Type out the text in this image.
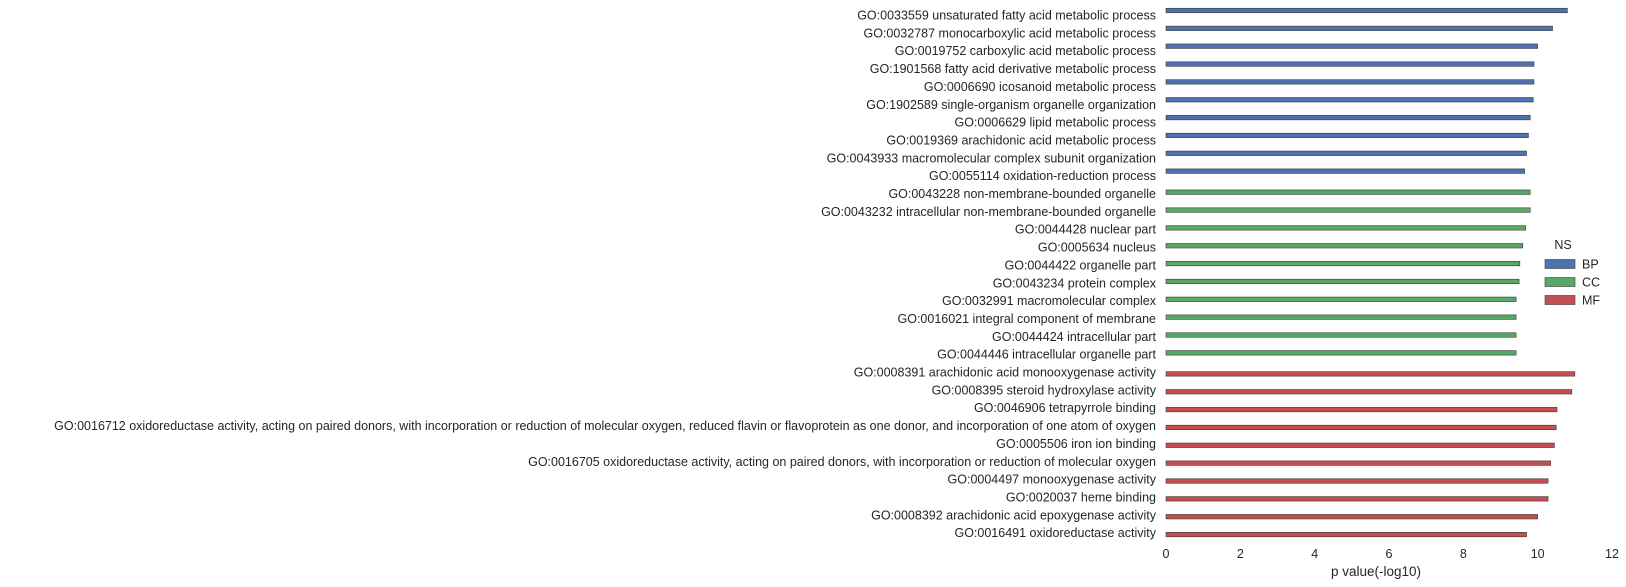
GO:0033559 unsaturated fatty acid metabolic process
GO:0032787 monocarboxylic acid metabolic process
GO:0019752 carboxylic acid metabolic process
GO:1901568 fatty acid derivative metabolic process
GO:0006690 icosanoid metabolic process
GO:1902589 single-organism organelle organization
GO:0006629 lipid metabolic process
GO:0019369 arachidonic acid metabolic process
GO:0043933 macromolecular complex subunit organization
GO:0055114 oxidation-reduction process
GO:0043228 non-membrane-bounded organelle
GO:0043232 intracellular non-membrane-bounded organelle
GO:0044428 nuclear part
GO:0005634 nucleus
GO:0044422 organelle part
GO:0043234 protein complex
GO:0032991 macromolecular complex
GO:0016021 integral component of membrane
GO:0044424 intracellular part
GO:0044446 intracellular organelle part
GO:0008391 arachidonic acid monooxygenase activity
GO:0008395 steroid hydroxylase activity
GO:0046906 tetrapyrrole binding
GO:0016712 oxidoreductase activity, acting on paired donors, with incorporation or reduction of molecular oxygen, reduced flavin or flavoprotein as one donor, and incorporation of one atom of oxygen
GO:0005506 iron ion binding
GO:0016705 oxidoreductase activity, acting on paired donors, with incorporation or reduction of molecular oxygen
GO:0004497 monooxygenase activity
GO:0020037 heme binding
GO:0008392 arachidonic acid epoxygenase activity
GO:0016491 oxidoreductase activity
0	2	4	6	8	10	12
p value(-log10)
NS
BP
CC
MF
